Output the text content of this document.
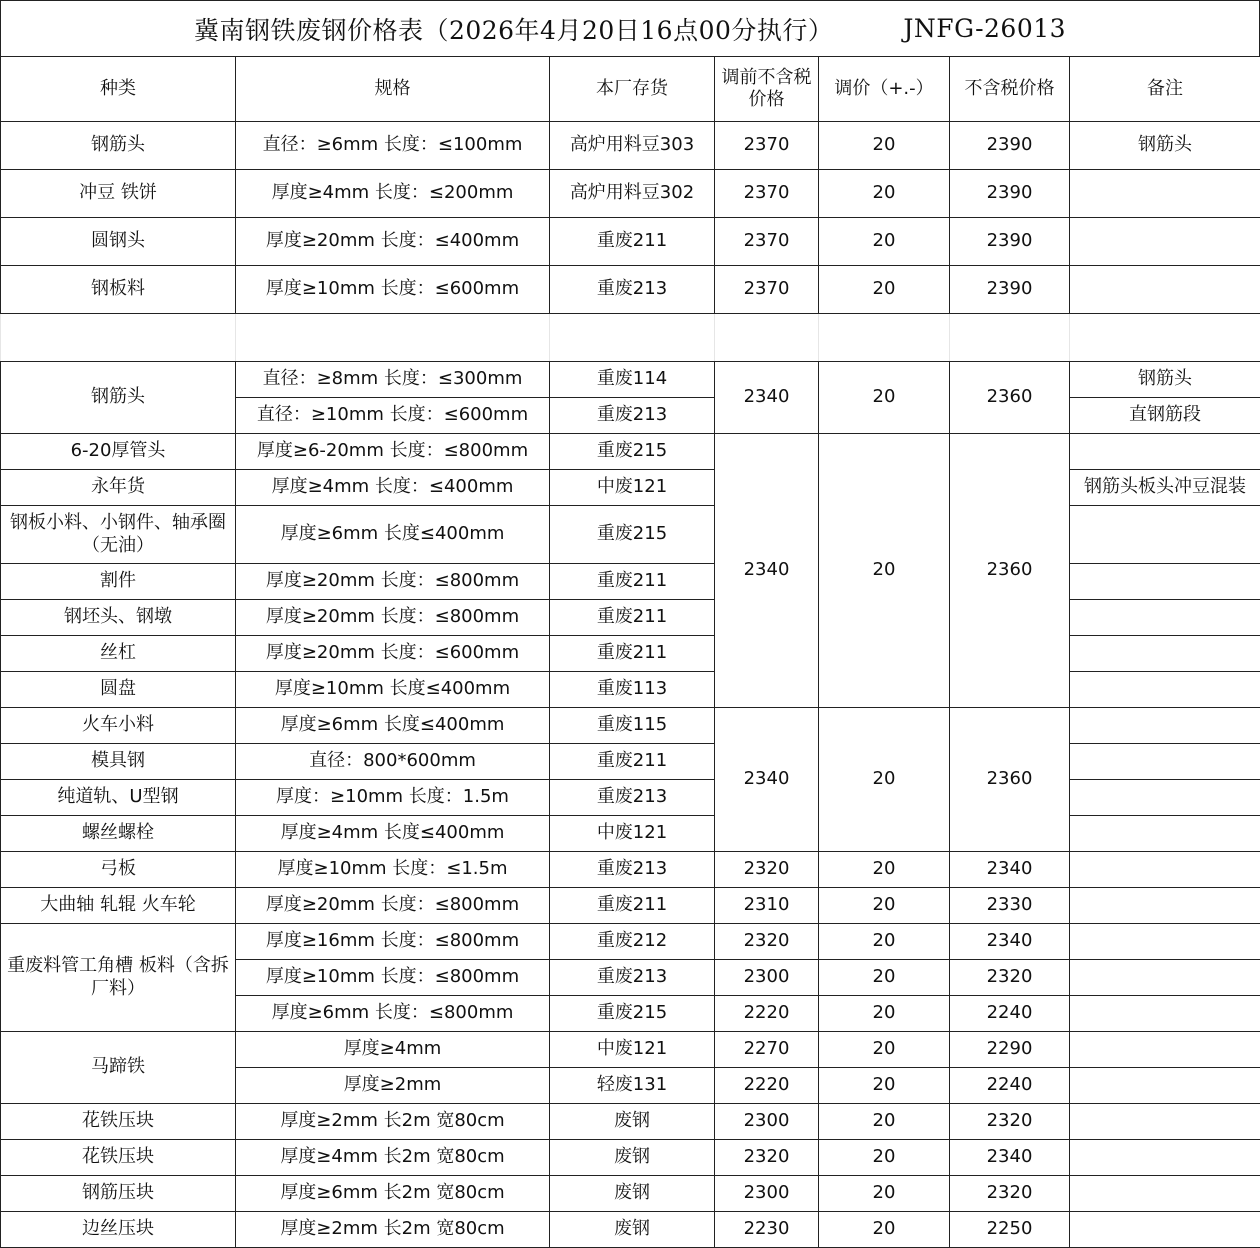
冀南钢铁废钢价格表（2026年4月20日16点00分执行）	JNFG-26013
种类	规格	本厂存货	调前不含税价格	调价（+.-）	不含税价格	备注
钢筋头	直径：≥6mm 长度：≤100mm	高炉用料豆303	2370	20	2390	钢筋头
冲豆 铁饼	厚度≥4mm 长度：≤200mm	高炉用料豆302	2370	20	2390	
圆钢头	厚度≥20mm 长度：≤400mm	重废211	2370	20	2390	
钢板料	厚度≥10mm 长度：≤600mm	重废213	2370	20	2390	

钢筋头	直径：≥8mm 长度：≤300mm	重废114	2340	20	2360	钢筋头
	直径：≥10mm 长度：≤600mm	重废213				直钢筋段
6-20厚管头	厚度≥6-20mm 长度：≤800mm	重废215	2340	20	2360	
永年货	厚度≥4mm 长度：≤400mm	中废121				钢筋头板头冲豆混装
钢板小料、小钢件、轴承圈（无油）	厚度≥6mm 长度≤400mm	重废215				
割件	厚度≥20mm 长度：≤800mm	重废211				
钢坯头、钢墩	厚度≥20mm 长度：≤800mm	重废211				
丝杠	厚度≥20mm 长度：≤600mm	重废211				
圆盘	厚度≥10mm 长度≤400mm	重废113				
火车小料	厚度≥6mm 长度≤400mm	重废115	2340	20	2360	
模具钢	直径：800*600mm	重废211				
纯道轨、U型钢	厚度：≥10mm 长度：1.5m	重废213				
螺丝螺栓	厚度≥4mm 长度≤400mm	中废121				
弓板	厚度≥10mm 长度：≤1.5m	重废213	2320	20	2340	
大曲轴 轧辊 火车轮	厚度≥20mm 长度：≤800mm	重废211	2310	20	2330	
重废料管工角槽 板料（含拆厂料）	厚度≥16mm 长度：≤800mm	重废212	2320	20	2340	
	厚度≥10mm 长度：≤800mm	重废213	2300	20	2320	
	厚度≥6mm 长度：≤800mm	重废215	2220	20	2240	
马蹄铁	厚度≥4mm	中废121	2270	20	2290	
	厚度≥2mm	轻废131	2220	20	2240	
花铁压块	厚度≥2mm 长2m 宽80cm	废钢	2300	20	2320	
花铁压块	厚度≥4mm 长2m 宽80cm	废钢	2320	20	2340	
钢筋压块	厚度≥6mm 长2m 宽80cm	废钢	2300	20	2320	
边丝压块	厚度≥2mm 长2m 宽80cm	废钢	2230	20	2250	
